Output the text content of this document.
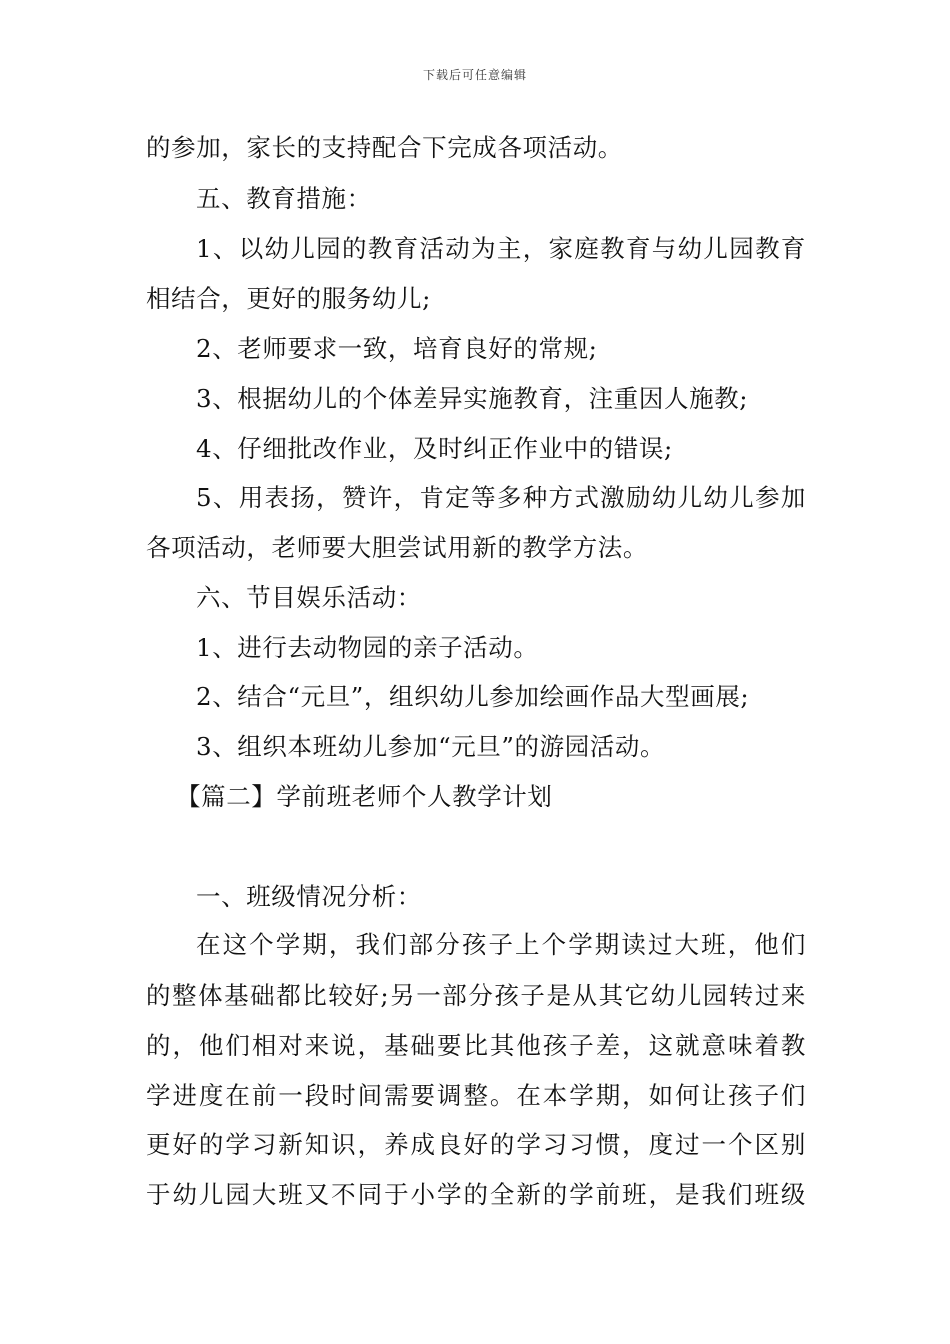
下载后可任意编辑
的参加，家长的支持配合下完成各项活动。
五、教育措施：
1、以幼儿园的教育活动为主，家庭教育与幼儿园教育
相结合，更好的服务幼儿;
2、老师要求一致，培育良好的常规;
3、根据幼儿的个体差异实施教育，注重因人施教;
4、仔细批改作业，及时纠正作业中的错误;
5、用表扬，赞许，肯定等多种方式激励幼儿幼儿参加
各项活动，老师要大胆尝试用新的教学方法。
六、节目娱乐活动：
1、进行去动物园的亲子活动。
2、结合“元旦”，组织幼儿参加绘画作品大型画展;
3、组织本班幼儿参加“元旦”的游园活动。
【篇二】学前班老师个人教学计划
一、班级情况分析：
在这个学期，我们部分孩子上个学期读过大班，他们
的整体基础都比较好;另一部分孩子是从其它幼儿园转过来
的，他们相对来说，基础要比其他孩子差，这就意味着教
学进度在前一段时间需要调整。在本学期，如何让孩子们
更好的学习新知识，养成良好的学习习惯，度过一个区别
于幼儿园大班又不同于小学的全新的学前班，是我们班级
